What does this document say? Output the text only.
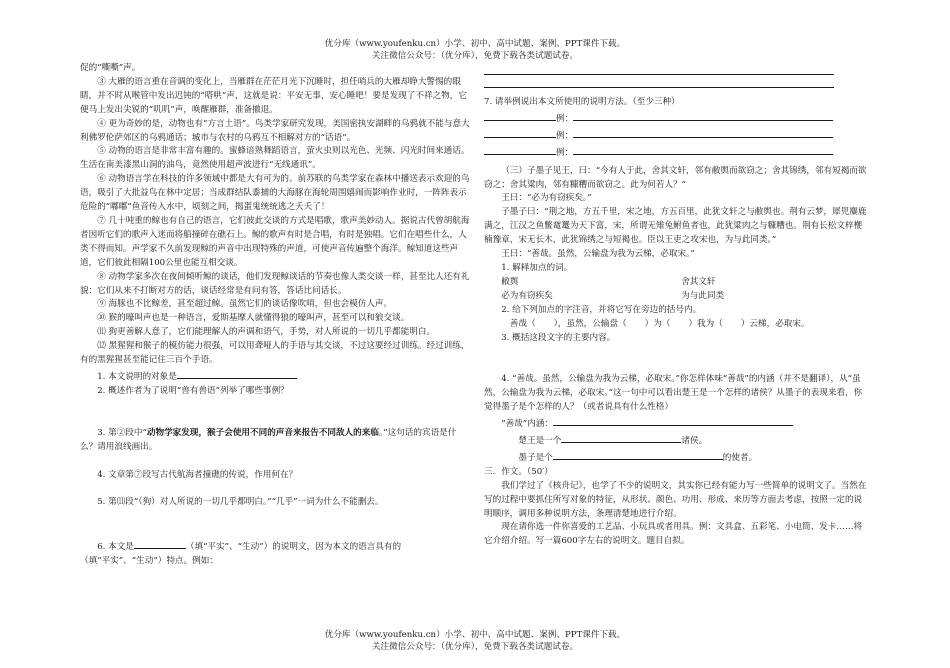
优分库（www.youfenku.cn）小学、初中、高中试题、案例、PPT课件下载。
关注微信公众号：（优分库），免费下载各类试题试卷。

促的“嘶嘶”声。

③ 大雁的语言重在音调的变化上，当雁群在茫茫月光下沉睡时，担任哨兵的大雁却睁大警惕的眼睛，并不时从喉管中发出迟钝的“嗒哄”声，这就是说：平安无事，安心睡吧！要是发现了不祥之物，它便马上发出尖锐的“叽叽”声，唤醒雁群，准备撤退。

④ 更为奇妙的是，动物也有“方言土语”。鸟类学家研究发现，美国密执安湖畔的乌鸦就不能与意大利佛罗伦萨郊区的乌鸦通话；城市与农村的乌鸦互不相解对方的“话语”。

⑤ 动物的语言是非常丰富有趣的。蜜蜂谙熟舞蹈语言，萤火虫则以光色、光频、闪光时间来通话。生活在南美漆黑山洞的油鸟，竟然使用超声波进行“无线通讯”。

⑥ 动物语言学在科技的许多领域中都是大有可为的。前苏联的鸟类学家在森林中播送表示欢迎的鸟语，吸引了大批益鸟在林中定居；当成群结队黍捕的大海豚在海轮周围嬉闹而影响作业时，一阵阵表示危险的“嘟嘟”鱼音传入水中，顷刻之间，揭蛋鬼统统逃之夭夭了！

⑦ 几十吨重的鲸也有自己的语言，它们彼此交谈的方式是唱歌，歌声美妙动人。据说古代曾胡航海者因听它们的歌声入迷而将船撞碎在礁石上。鲸的歌声有时是合唱，有时是独唱。它们在唱些什么，人类不得而知。声学家不久前发现鲸的声音中出现特殊的声道，可使声音传遍整个海洋。鲸知道这些声道，它们彼此相隔100公里也能互相交谈。

⑧ 动物学家多次在夜间倾听鲸的谈话，他们发现鲸谈话的节奏也像人类交谈一样，甚至比人还有礼貌：它们从来不打断对方的话，谈话经常是有问有答，答话比问话长。

⑨ 海豚也不比鲸差，甚至超过鲸。虽然它们的谈话像吹哨，但也会模仿人声。

⑩ 猴的嚎叫声也是一种语言，爱斯基摩人就懂得狼的嚎叫声，甚至可以和狼交谈。

⑾ 狗更善解人意了，它们能理解人的声调和语气，手势，对人所说的一切几乎都能明白。

⑿ 黑猩猩和猴子的模仿能力很强，可以用聋哑人的手语与其交谈，不过这要经过训练。经过训练，有的黑猩猩甚至能记住三百个手语。

1. 本文说明的对象是

2. 概述作者为了说明“兽有兽语”列举了哪些事例？

3. 第②段中“动物学家发现，猴子会使用不同的声音来报告不同敌人的来临。”这句话的宾语是什么？请用浪线画出。

4. 文章第⑦段写古代航海者撞礁的传说，作用何在？

5. 第⑾段“（狗）对人所说的一切几乎都明白。”“几乎”一词为什么不能删去。

6. 本文是	（填“平实”、“生动”）的说明文，因为本文的语言具有的

（填“平实”、“生动”）特点。例如：

7. 请举例说出本文所使用的说明方法。（至少三种）

例：

例：

例：

（三）子墨子见王，曰：“今有人于此，舍其文轩，邻有敝舆而欲窃之；舍其锦绣，邻有短褐而欲窃之；舍其粱肉，邻有糠糟而欲窃之。此为何若人？”

王曰：“必为有窃疾矣。”

子墨子曰：“荆之地，方五千里，宋之地，方五百里，此犹文轩之与敝舆也。荆有云梦，犀兕麋鹿满之，江汉之鱼鳖鼋鼍为天下富，宋，所谓无雉兔鲋鱼者也，此犹粱肉之与糠糟也。荆有长松文梓楩楠豫章，宋无长木，此犹锦绣之与短褐也。臣以王吏之攻宋也，为与此同类。”

王曰：“善哉。虽然，公输盘为我为云梯，必取宋。”

1. 解释加点的词。

敝舆	舍其文轩
必为有窃疾矣	为与此同类

2. 给下列加点的字注音，并将它写在旁边的括号内。

善哉（ ），虽然，公输盘（ ）为（ ）我为（ ）云梯，必取宋。

3. 概括这段文字的主要内容。

4. “善哉。虽然，公输盘为我为云梯，必取宋。”你怎样体味“善哉”的内涵（并不是翻译），从“虽然，公输盘为我为云梯，必取宋。”这一句中可以看出楚王是一个怎样的诸侯？从墨子的表现来看，你觉得墨子是个怎样的人？（或者说具有什么性格）

“善哉”内涵：

楚王是一个	诸侯。

墨子是个	的使者。

三．作文。（50′）

我们学过了《核舟记》，也学了不少的说明文，其实你已经有能力写一些简单的说明文了。当然在写的过程中要抓住所写对象的特征，从形状、颜色、功用、形成、来历等方面去考虑，按照一定的说明顺序，调用多种说明方法，条理清楚地进行介绍。

现在请你选一件你喜爱的工艺品、小玩具或者用具。例：文具盒、五彩笔、小电筒、发卡……将它介绍介绍。写一篇600字左右的说明文。题目自拟。

优分库（www.youfenku.cn）小学、初中、高中试题、案例、PPT课件下载。
关注微信公众号：（优分库），免费下载各类试题试卷。
